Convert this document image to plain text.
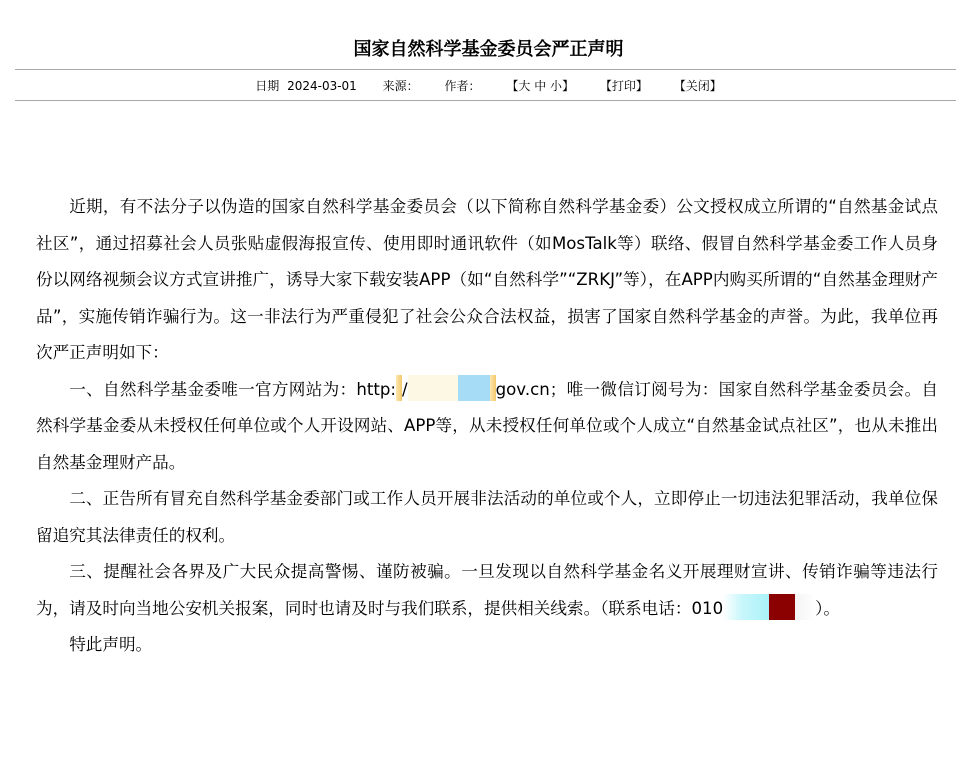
国家自然科学基金委员会严正声明
日期 2024-03-01 来源： 作者： 【大 中 小】 【打印】 【关闭】

近期，有不法分子以伪造的国家自然科学基金委员会（以下简称自然科学基金委）公文授权成立所谓的“自然基金试点社区”，通过招募社会人员张贴虚假海报宣传、使用即时通讯软件（如MosTalk等）联络、假冒自然科学基金委工作人员身份以网络视频会议方式宣讲推广，诱导大家下载安装APP（如“自然科学”“ZRKJ”等），在APP内购买所谓的“自然基金理财产品”，实施传销诈骗行为。这一非法行为严重侵犯了社会公众合法权益，损害了国家自然科学基金的声誉。为此，我单位再次严正声明如下：

一、自然科学基金委唯一官方网站为：http: /	gov.cn；唯一微信订阅号为：国家自然科学基金委员会。自然科学基金委从未授权任何单位或个人开设网站、APP等，从未授权任何单位或个人成立“自然基金试点社区”，也从未推出自然基金理财产品。

二、正告所有冒充自然科学基金委部门或工作人员开展非法活动的单位或个人，立即停止一切违法犯罪活动，我单位保留追究其法律责任的权利。

三、提醒社会各界及广大民众提高警惕、谨防被骗。一旦发现以自然科学基金名义开展理财宣讲、传销诈骗等违法行为，请及时向当地公安机关报案，同时也请及时与我们联系，提供相关线索。（联系电话：010	）。

特此声明。
